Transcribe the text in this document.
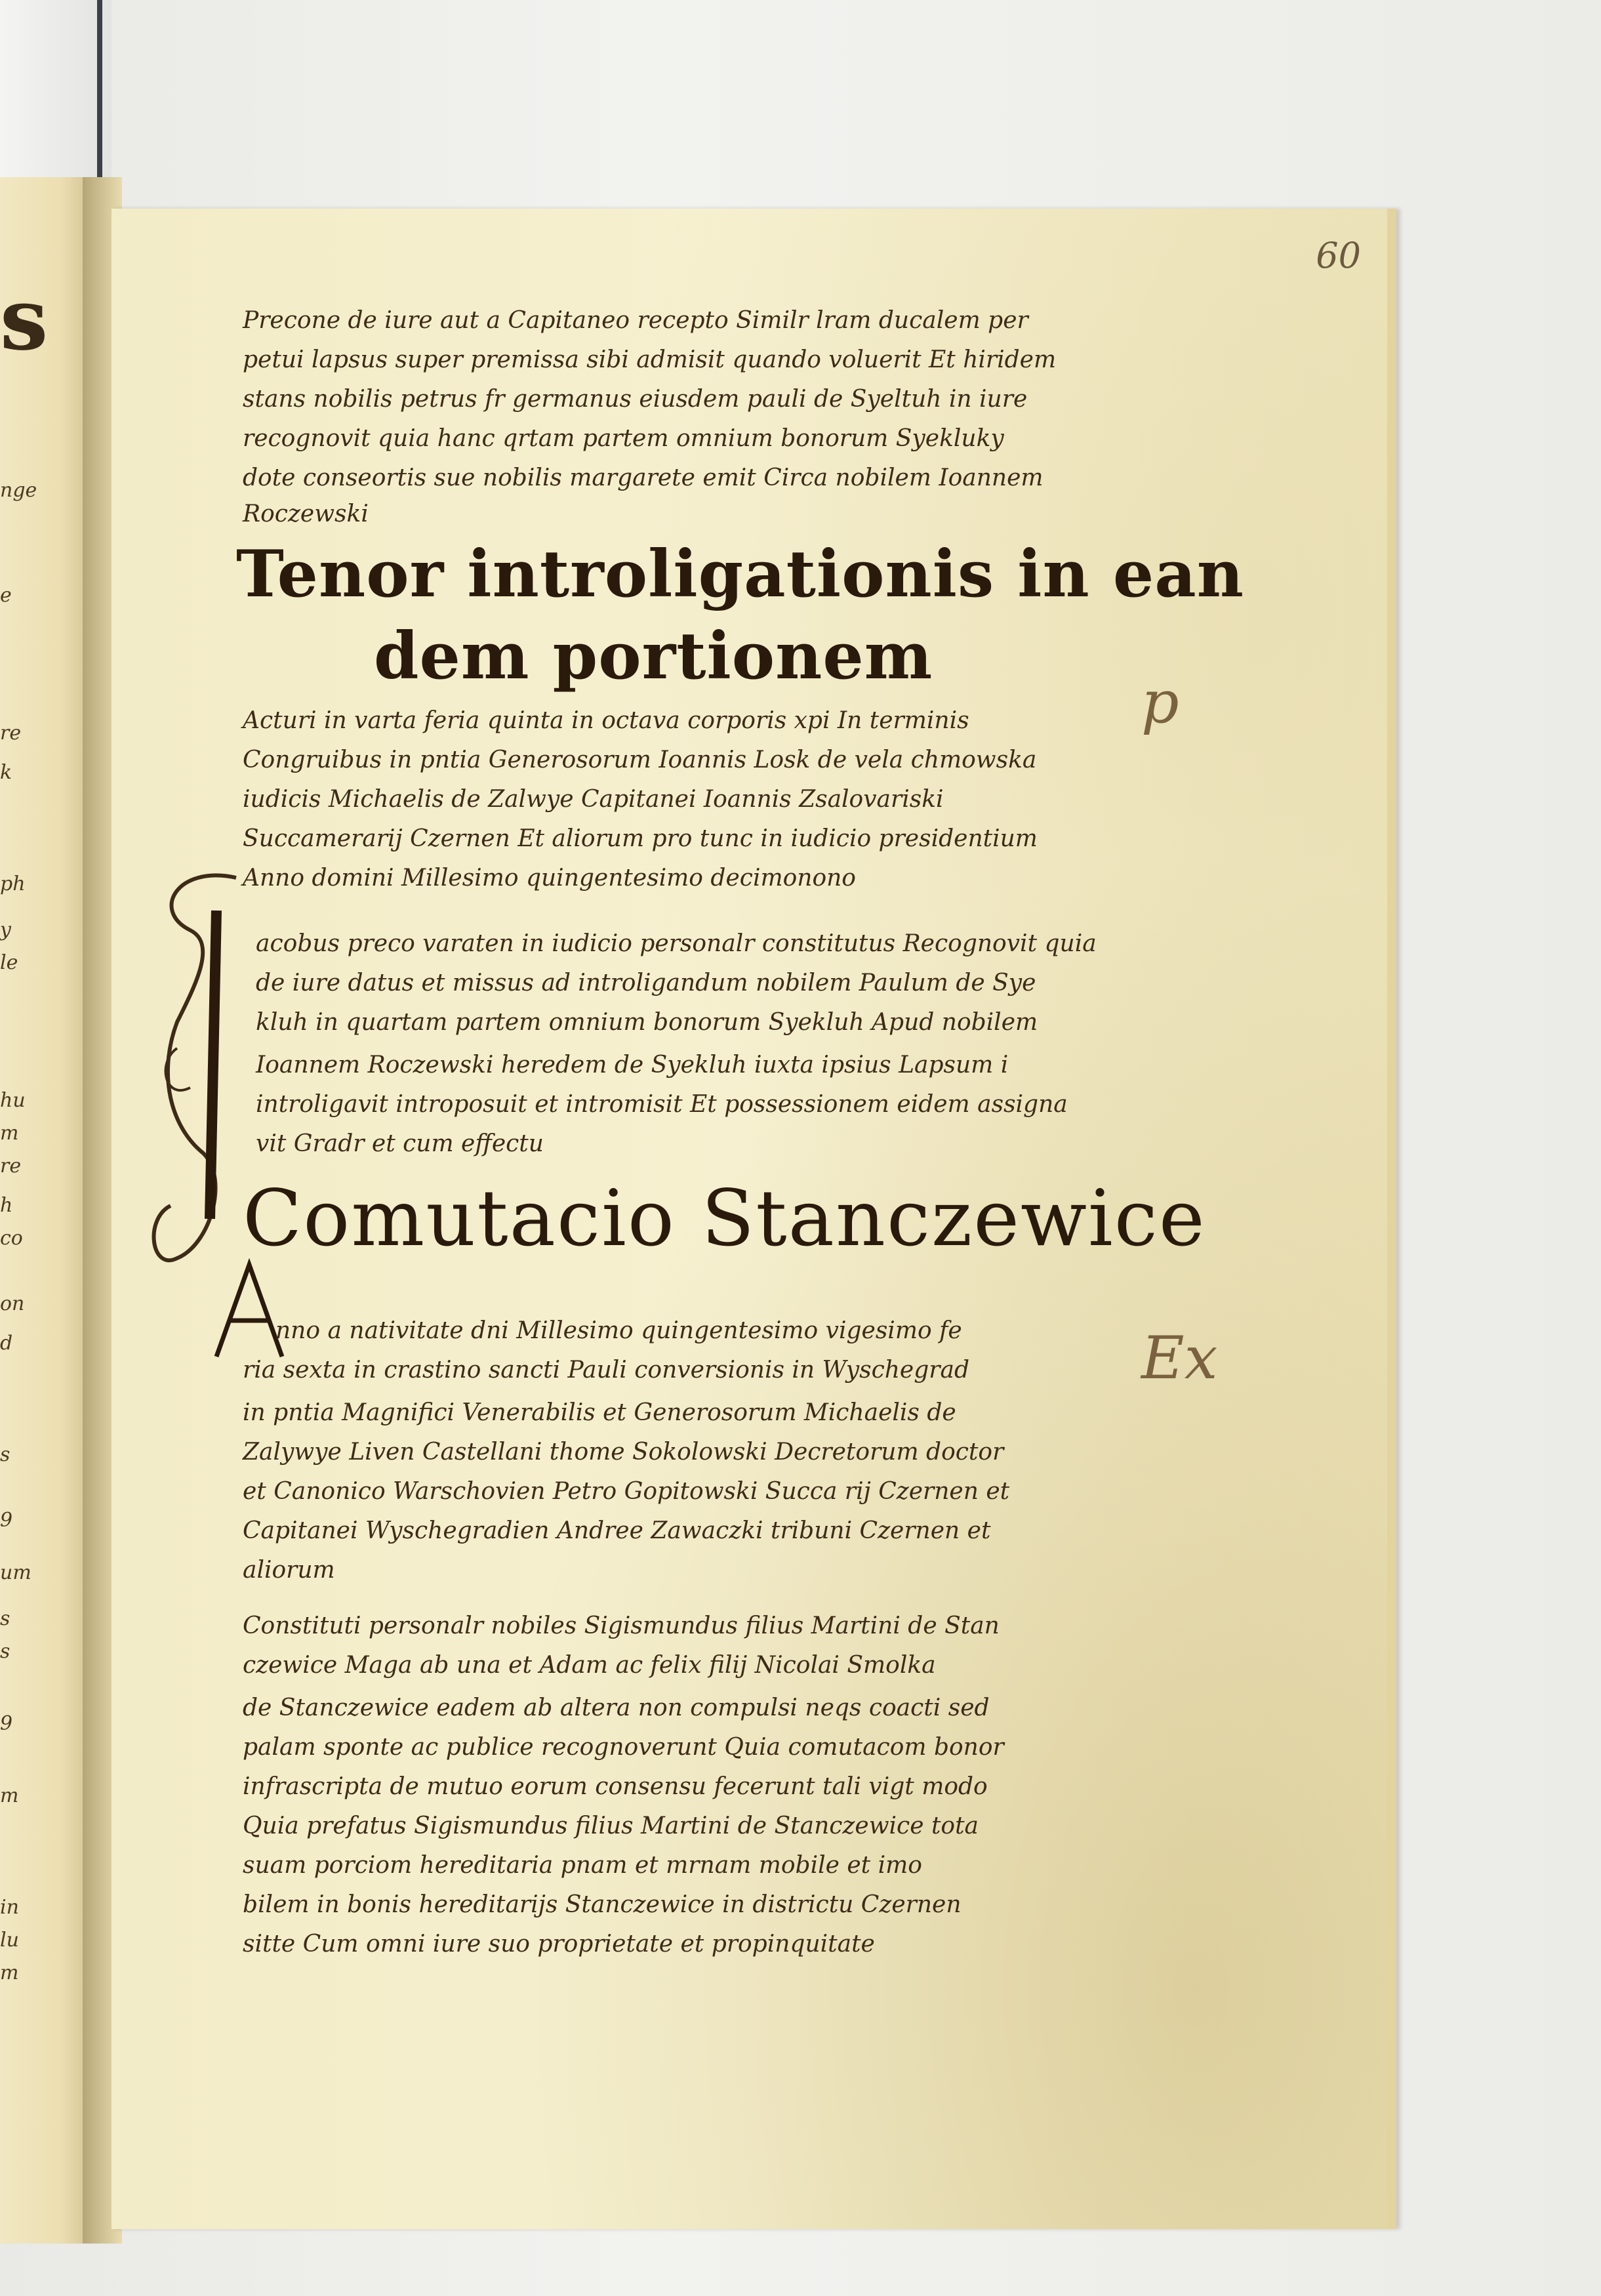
s
nge
e
re
k
ph
y
le
hu
m
re
h
co
on
d
s
9
um
s
s
9
m
in
lu
m
60
Precone de iure aut a Capitaneo recepto Similr lram ducalem per
petui lapsus super premissa sibi admisit quando voluerit Et hiridem
stans nobilis petrus fr germanus eiusdem pauli de Syeltuh in iure
recognovit quia hanc qrtam partem omnium bonorum Syekluky
dote conseortis sue nobilis margarete emit Circa nobilem Ioannem
Roczewski
Tenor introligationis in ean
dem portionem
Acturi in varta feria quinta in octava corporis xpi In terminis
Congruibus in pntia Generosorum Ioannis Losk de vela chmowska
iudicis Michaelis de Zalwye Capitanei Ioannis Zsalovariski
Succamerarij Czernen Et aliorum pro tunc in iudicio presidentium
Anno domini Millesimo quingentesimo decimonono
acobus preco varaten in iudicio personalr constitutus Recognovit quia
de iure datus et missus ad introligandum nobilem Paulum de Sye
kluh in quartam partem omnium bonorum Syekluh Apud nobilem
Ioannem Roczewski heredem de Syekluh iuxta ipsius Lapsum i
introligavit introposuit et intromisit Et possessionem eidem assigna
vit Gradr et cum effectu
Comutacio Stanczewice
nno a nativitate dni Millesimo quingentesimo vigesimo fe
ria sexta in crastino sancti Pauli conversionis in Wyschegrad
in pntia Magnifici Venerabilis et Generosorum Michaelis de
Zalywye Liven Castellani thome Sokolowski Decretorum doctor
et Canonico Warschovien Petro Gopitowski Succa rij Czernen et
Capitanei Wyschegradien Andree Zawaczki tribuni Czernen et
aliorum
Constituti personalr nobiles Sigismundus filius Martini de Stan
czewice Maga ab una et Adam ac felix filij Nicolai Smolka
de Stanczewice eadem ab altera non compulsi neqs coacti sed
palam sponte ac publice recognoverunt Quia comutacom bonor
infrascripta de mutuo eorum consensu fecerunt tali vigt modo
Quia prefatus Sigismundus filius Martini de Stanczewice tota
suam porciom hereditaria pnam et mrnam mobile et imo
bilem in bonis hereditarijs Stanczewice in districtu Czernen
sitte Cum omni iure suo proprietate et propinquitate
p
Ex
